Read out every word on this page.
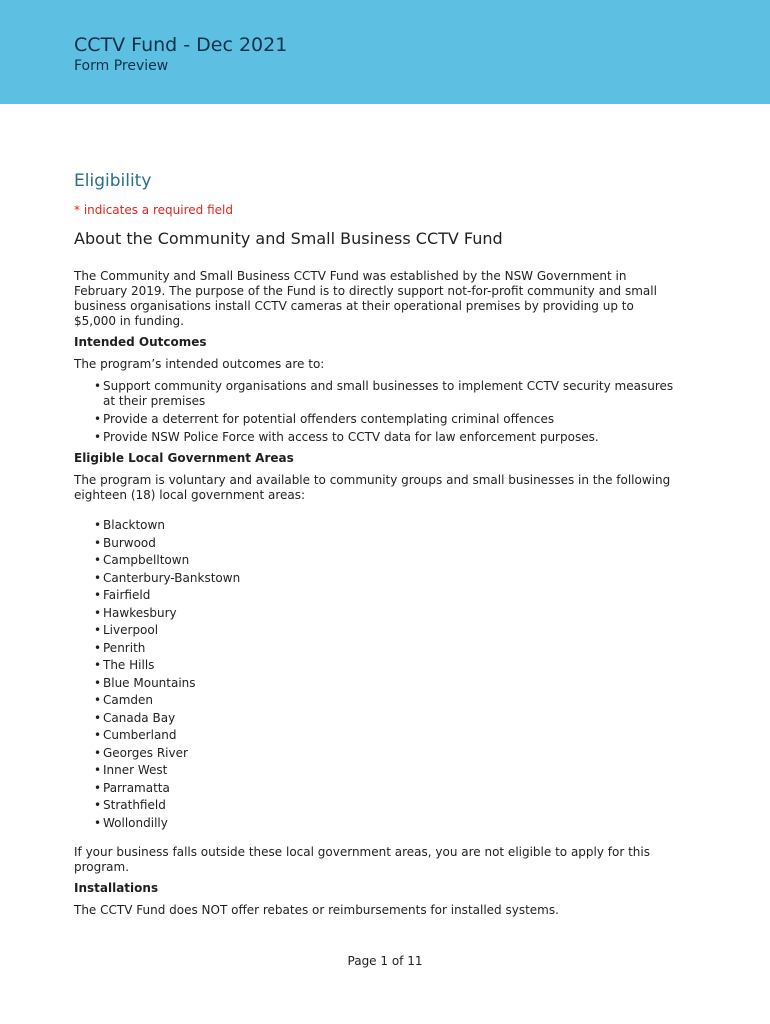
CCTV Fund - Dec 2021
Form Preview
Eligibility
* indicates a required field
About the Community and Small Business CCTV Fund

The Community and Small Business CCTV Fund was established by the NSW Government in February 2019. The purpose of the Fund is to directly support not-for-profit community and small business organisations install CCTV cameras at their operational premises by providing up to $5,000 in funding.

Intended Outcomes

The program’s intended outcomes are to:

• Support community organisations and small businesses to implement CCTV security measures at their premises
• Provide a deterrent for potential offenders contemplating criminal offences
• Provide NSW Police Force with access to CCTV data for law enforcement purposes.
Eligible Local Government Areas

The program is voluntary and available to community groups and small businesses in the following eighteen (18) local government areas:

• Blacktown
• Burwood
• Campbelltown
• Canterbury-Bankstown
• Fairfield
• Hawkesbury
• Liverpool
• Penrith
• The Hills
• Blue Mountains
• Camden
• Canada Bay
• Cumberland
• Georges River
• Inner West
• Parramatta
• Strathfield
• Wollondilly

If your business falls outside these local government areas, you are not eligible to apply for this program.

Installations

The CCTV Fund does NOT offer rebates or reimbursements for installed systems.

Page 1 of 11
